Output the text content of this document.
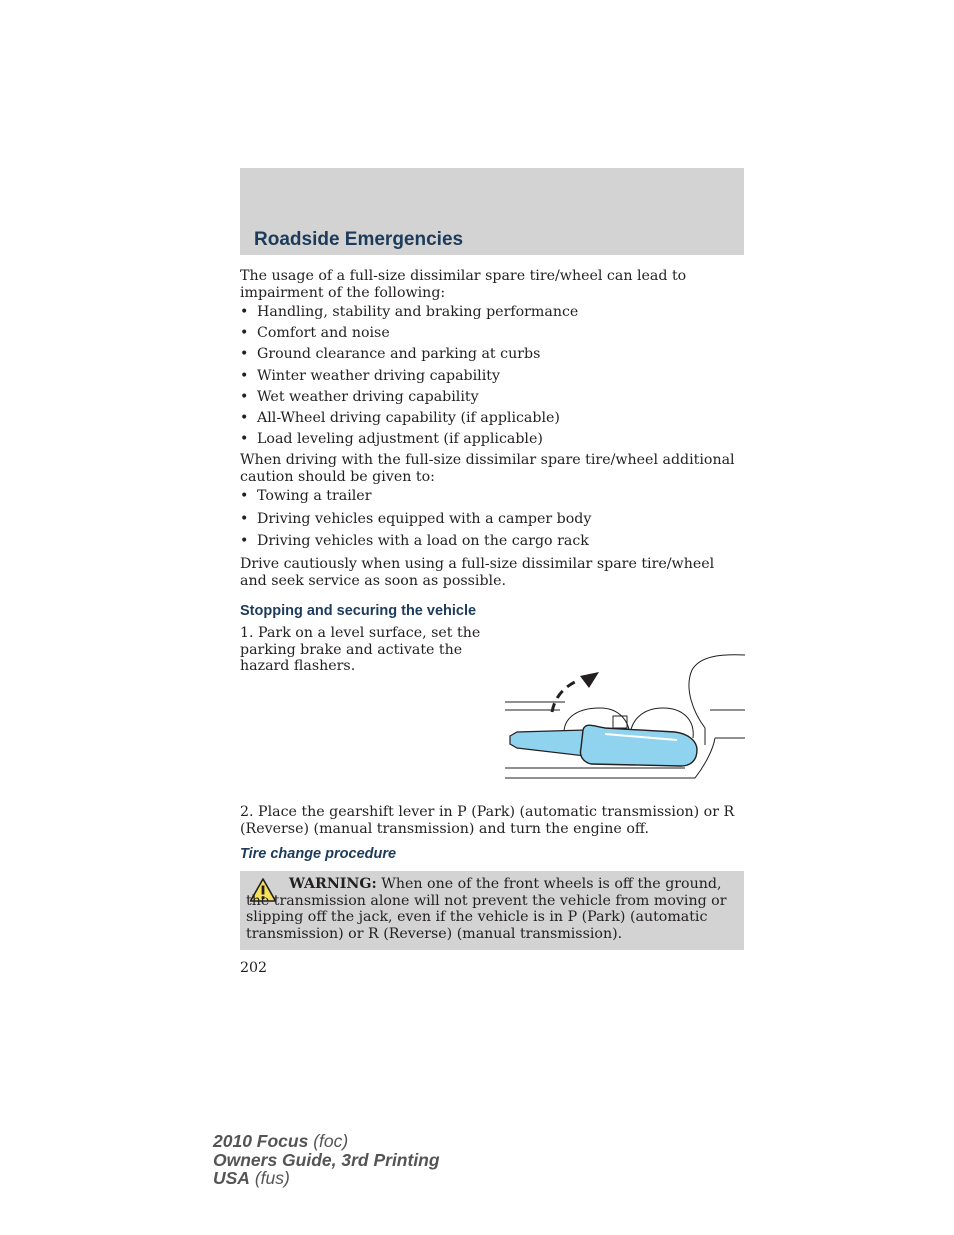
Roadside Emergencies
The usage of a full-size dissimilar spare tire/wheel can lead to impairment of the following:
• Handling, stability and braking performance
• Comfort and noise
• Ground clearance and parking at curbs
• Winter weather driving capability
• Wet weather driving capability
• All-Wheel driving capability (if applicable)
• Load leveling adjustment (if applicable)
When driving with the full-size dissimilar spare tire/wheel additional caution should be given to:
• Towing a trailer
• Driving vehicles equipped with a camper body
• Driving vehicles with a load on the cargo rack
Drive cautiously when using a full-size dissimilar spare tire/wheel and seek service as soon as possible.
Stopping and securing the vehicle
1. Park on a level surface, set the parking brake and activate the hazard flashers.
2. Place the gearshift lever in P (Park) (automatic transmission) or R (Reverse) (manual transmission) and turn the engine off.
Tire change procedure
WARNING: When one of the front wheels is off the ground, the transmission alone will not prevent the vehicle from moving or slipping off the jack, even if the vehicle is in P (Park) (automatic transmission) or R (Reverse) (manual transmission).
202
2010 Focus (foc)
Owners Guide, 3rd Printing
USA (fus)
